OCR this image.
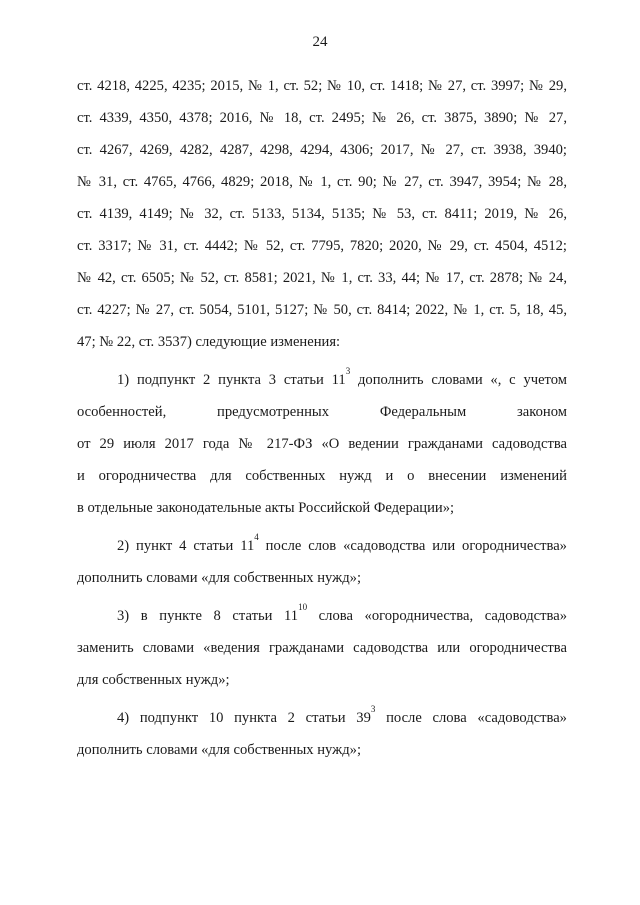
24
ст. 4218, 4225, 4235; 2015, № 1, ст. 52; № 10, ст. 1418; № 27, ст. 3997; № 29,
ст. 4339, 4350, 4378; 2016, № 18, ст. 2495; № 26, ст. 3875, 3890; № 27,
ст. 4267, 4269, 4282, 4287, 4298, 4294, 4306; 2017, № 27, ст. 3938, 3940;
№ 31, ст. 4765, 4766, 4829; 2018, № 1, ст. 90; № 27, ст. 3947, 3954; № 28,
ст. 4139, 4149; № 32, ст. 5133, 5134, 5135; № 53, ст. 8411; 2019, № 26,
ст. 3317; № 31, ст. 4442; № 52, ст. 7795, 7820; 2020, № 29, ст. 4504, 4512;
№ 42, ст. 6505; № 52, ст. 8581; 2021, № 1, ст. 33, 44; № 17, ст. 2878; № 24,
ст. 4227; № 27, ст. 5054, 5101, 5127; № 50, ст. 8414; 2022, № 1, ст. 5, 18, 45,
47; № 22, ст. 3537) следующие изменения:
1) подпункт 2 пункта 3 статьи $11^3$ дополнить словами «, с учетом
особенностей, предусмотренных Федеральным законом
от 29 июля 2017 года № 217-ФЗ «О ведении гражданами садоводства
и огородничества для собственных нужд и о внесении изменений
в отдельные законодательные акты Российской Федерации»;
2) пункт 4 статьи $11^4$ после слов «садоводства или огородничества»
дополнить словами «для собственных нужд»;
3) в пункте 8 статьи $11^{10}$ слова «огородничества, садоводства»
заменить словами «ведения гражданами садоводства или огородничества
для собственных нужд»;
4) подпункт 10 пункта 2 статьи $39^3$ после слова «садоводства»
дополнить словами «для собственных нужд»;
